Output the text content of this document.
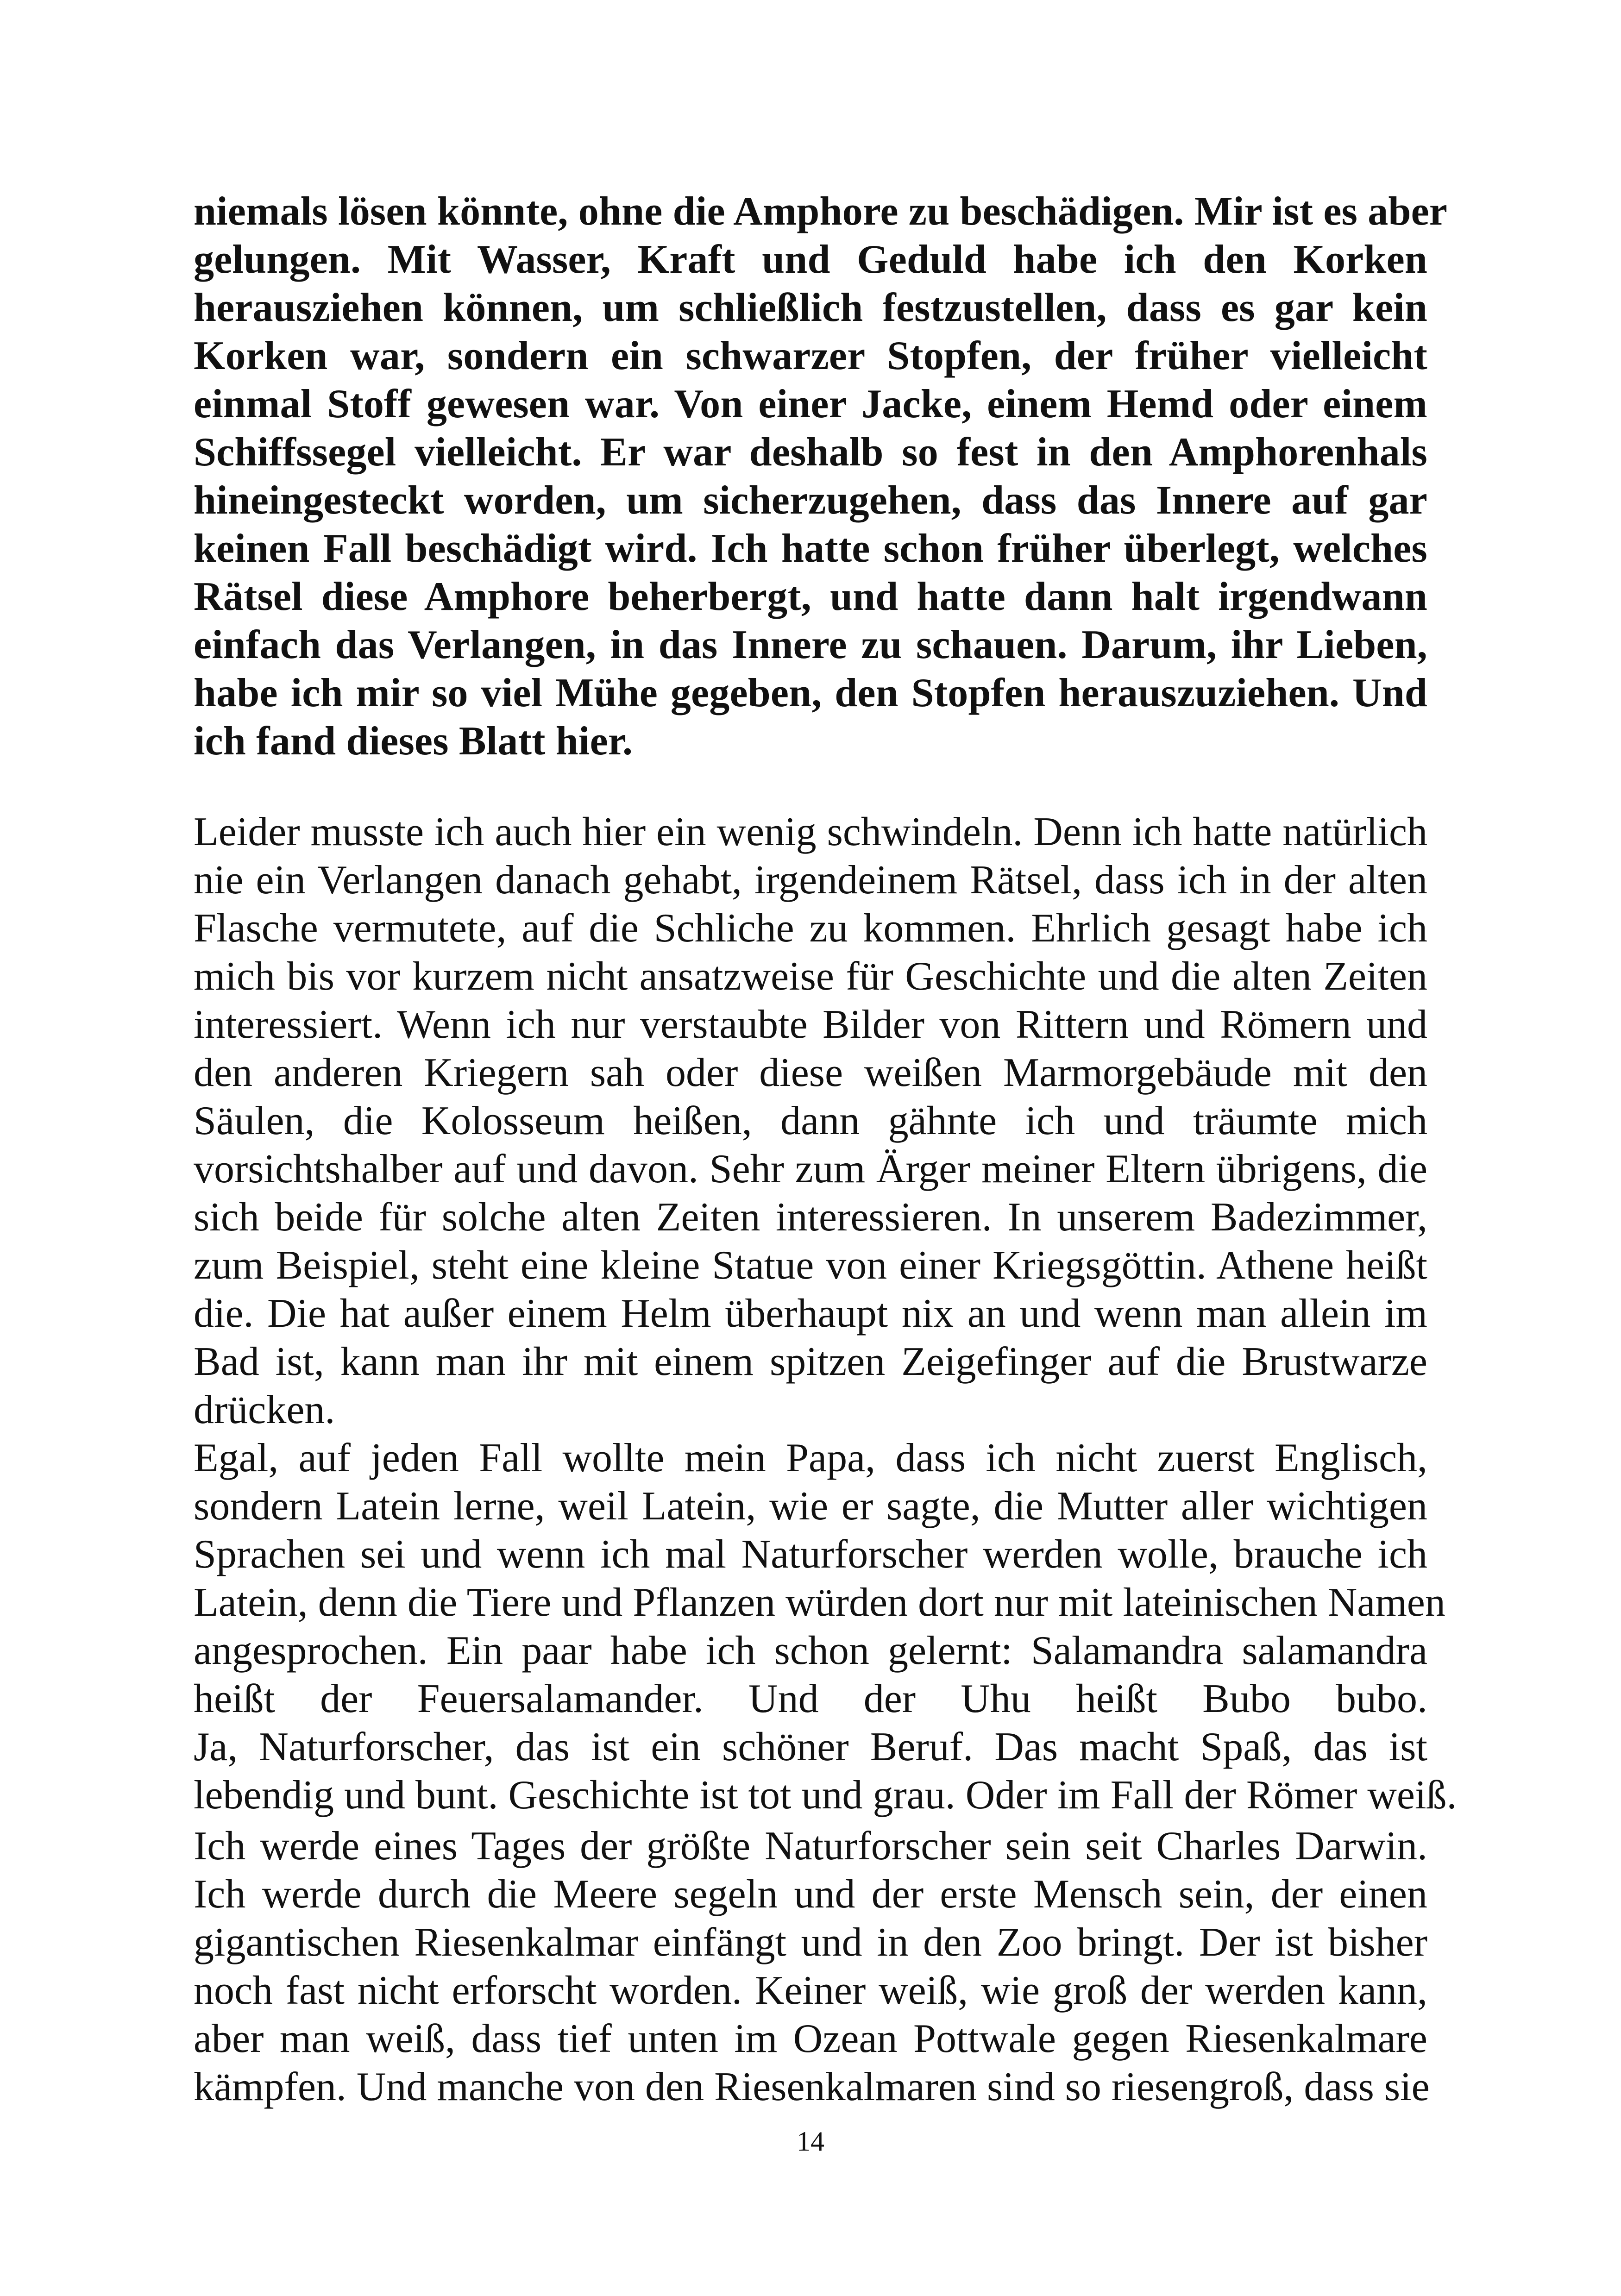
niemals lösen könnte, ohne die Amphore zu beschädigen. Mir ist es aber
gelungen. Mit Wasser, Kraft und Geduld habe ich den Korken
herausziehen können, um schließlich festzustellen, dass es gar kein
Korken war, sondern ein schwarzer Stopfen, der früher vielleicht
einmal Stoff gewesen war. Von einer Jacke, einem Hemd oder einem
Schiffssegel vielleicht. Er war deshalb so fest in den Amphorenhals
hineingesteckt worden, um sicherzugehen, dass das Innere auf gar
keinen Fall beschädigt wird. Ich hatte schon früher überlegt, welches
Rätsel diese Amphore beherbergt, und hatte dann halt irgendwann
einfach das Verlangen, in das Innere zu schauen. Darum, ihr Lieben,
habe ich mir so viel Mühe gegeben, den Stopfen herauszuziehen. Und
ich fand dieses Blatt hier.
Leider musste ich auch hier ein wenig schwindeln. Denn ich hatte natürlich
nie ein Verlangen danach gehabt, irgendeinem Rätsel, dass ich in der alten
Flasche vermutete, auf die Schliche zu kommen. Ehrlich gesagt habe ich
mich bis vor kurzem nicht ansatzweise für Geschichte und die alten Zeiten
interessiert. Wenn ich nur verstaubte Bilder von Rittern und Römern und
den anderen Kriegern sah oder diese weißen Marmorgebäude mit den
Säulen, die Kolosseum heißen, dann gähnte ich und träumte mich
vorsichtshalber auf und davon. Sehr zum Ärger meiner Eltern übrigens, die
sich beide für solche alten Zeiten interessieren. In unserem Badezimmer,
zum Beispiel, steht eine kleine Statue von einer Kriegsgöttin. Athene heißt
die. Die hat außer einem Helm überhaupt nix an und wenn man allein im
Bad ist, kann man ihr mit einem spitzen Zeigefinger auf die Brustwarze
drücken.
Egal, auf jeden Fall wollte mein Papa, dass ich nicht zuerst Englisch,
sondern Latein lerne, weil Latein, wie er sagte, die Mutter aller wichtigen
Sprachen sei und wenn ich mal Naturforscher werden wolle, brauche ich
Latein, denn die Tiere und Pflanzen würden dort nur mit lateinischen Namen
angesprochen. Ein paar habe ich schon gelernt: Salamandra salamandra
heißt der Feuersalamander. Und der Uhu heißt Bubo bubo.
Ja, Naturforscher, das ist ein schöner Beruf. Das macht Spaß, das ist
lebendig und bunt. Geschichte ist tot und grau. Oder im Fall der Römer weiß.
Ich werde eines Tages der größte Naturforscher sein seit Charles Darwin.
Ich werde durch die Meere segeln und der erste Mensch sein, der einen
gigantischen Riesenkalmar einfängt und in den Zoo bringt. Der ist bisher
noch fast nicht erforscht worden. Keiner weiß, wie groß der werden kann,
aber man weiß, dass tief unten im Ozean Pottwale gegen Riesenkalmare
kämpfen. Und manche von den Riesenkalmaren sind so riesengroß, dass sie
14
